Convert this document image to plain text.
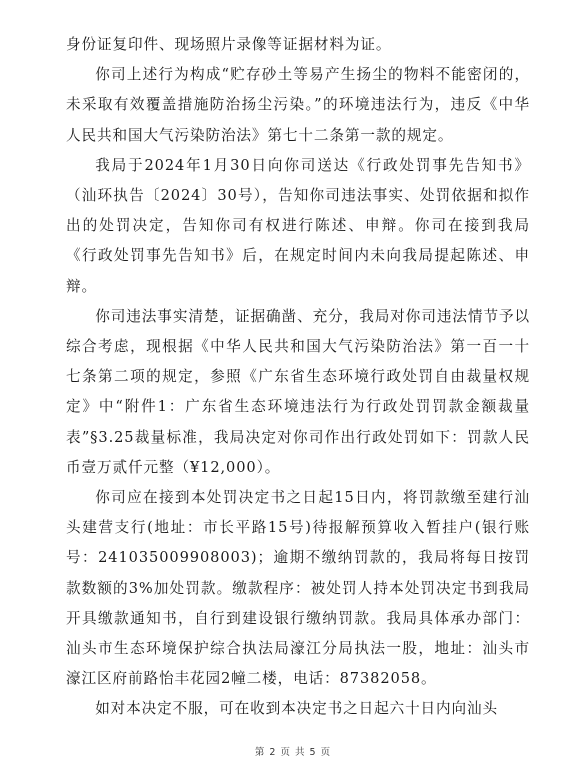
身份证复印件、现场照片录像等证据材料为证。

你司上述行为构成“贮存砂土等易产生扬尘的物料不能密闭的，未采取有效覆盖措施防治扬尘污染。”的环境违法行为，违反《中华人民共和国大气污染防治法》第七十二条第一款的规定。

我局于2024年1月30日向你司送达《行政处罚事先告知书》（汕环执告〔2024〕30号），告知你司违法事实、处罚依据和拟作出的处罚决定，告知你司有权进行陈述、申辩。你司在接到我局《行政处罚事先告知书》后，在规定时间内未向我局提起陈述、申辩。

你司违法事实清楚，证据确凿、充分，我局对你司违法情节予以综合考虑，现根据《中华人民共和国大气污染防治法》第一百一十七条第二项的规定，参照《广东省生态环境行政处罚自由裁量权规定》中“附件1：广东省生态环境违法行为行政处罚罚款金额裁量表”§3.25裁量标准，我局决定对你司作出行政处罚如下：罚款人民币壹万贰仟元整（¥12,000）。

你司应在接到本处罚决定书之日起15日内，将罚款缴至建行汕头建营支行(地址：市长平路15号)待报解预算收入暂挂户(银行账号：241035009908003)；逾期不缴纳罚款的，我局将每日按罚款数额的3%加处罚款。缴款程序：被处罚人持本处罚决定书到我局开具缴款通知书，自行到建设银行缴纳罚款。我局具体承办部门：汕头市生态环境保护综合执法局濠江分局执法一股，地址：汕头市濠江区府前路怡丰花园2幢二楼，电话：87382058。

如对本决定不服，可在收到本决定书之日起六十日内向汕头

第 2 页 共 5 页
